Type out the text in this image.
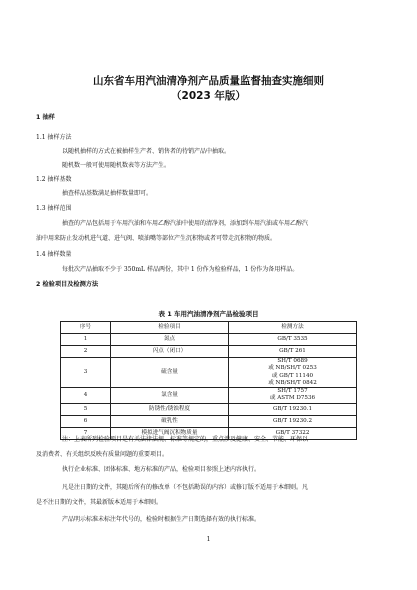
山东省车用汽油清净剂产品质量监督抽查实施细则
（2023 年版）
1 抽样
1.1 抽样方法
以随机抽样的方式在被抽样生产者、销售者的待销产品中抽取。
随机数一般可使用随机数表等方法产生。
1.2 抽样基数
抽查样品基数满足抽样数量即可。
1.3 抽样范围
抽查的产品包括用于车用汽油和车用乙醇汽油中使用的清净剂，添加到车用汽油或车用乙醇汽
油中用来防止发动机进气道、进气阀、喷油嘴等部位产生沉积物或者可带走沉积物的物质。
1.4 抽样数量
每批次产品抽取不少于 350mL 样品两份，其中 1 份作为检验样品，1 份作为备用样品。
2 检验项目及检测方法
表 1 车用汽油清净剂产品检验项目
序号	检验项目	检测方法
1	氮点	GB/T 3535

2	闪点（闭口）	GB/T 261

3	硫含量	SH/T 0689
或 NB/SH/T 0253
或 GB/T 11140
或 NB/SH/T 0842

4	氯含量	SH/T 1757
或 ASTM D7536

5	防锈性/锈蚀程度	GB/T 19230.1

6	破乳性	GB/T 19230.2

7	模拟进气阀沉积物质量	GB/T 37322
注：上表所列检验项目是有关法律法规、标准等规定的，重点涉及健康、安全、节能、环保以
及消费者、有关组织反映有质量问题的重要项目。
执行企业标准、团体标准、地方标准的产品，检验项目参照上述内容执行。
凡是注日期的文件，其随后所有的修改单（不包括勘误的内容）或修订版不适用于本细则。凡
是不注日期的文件，其最新版本适用于本细则。
产品明示标准未标注年代号的，检验时根据生产日期选择有效的执行标准。
1
